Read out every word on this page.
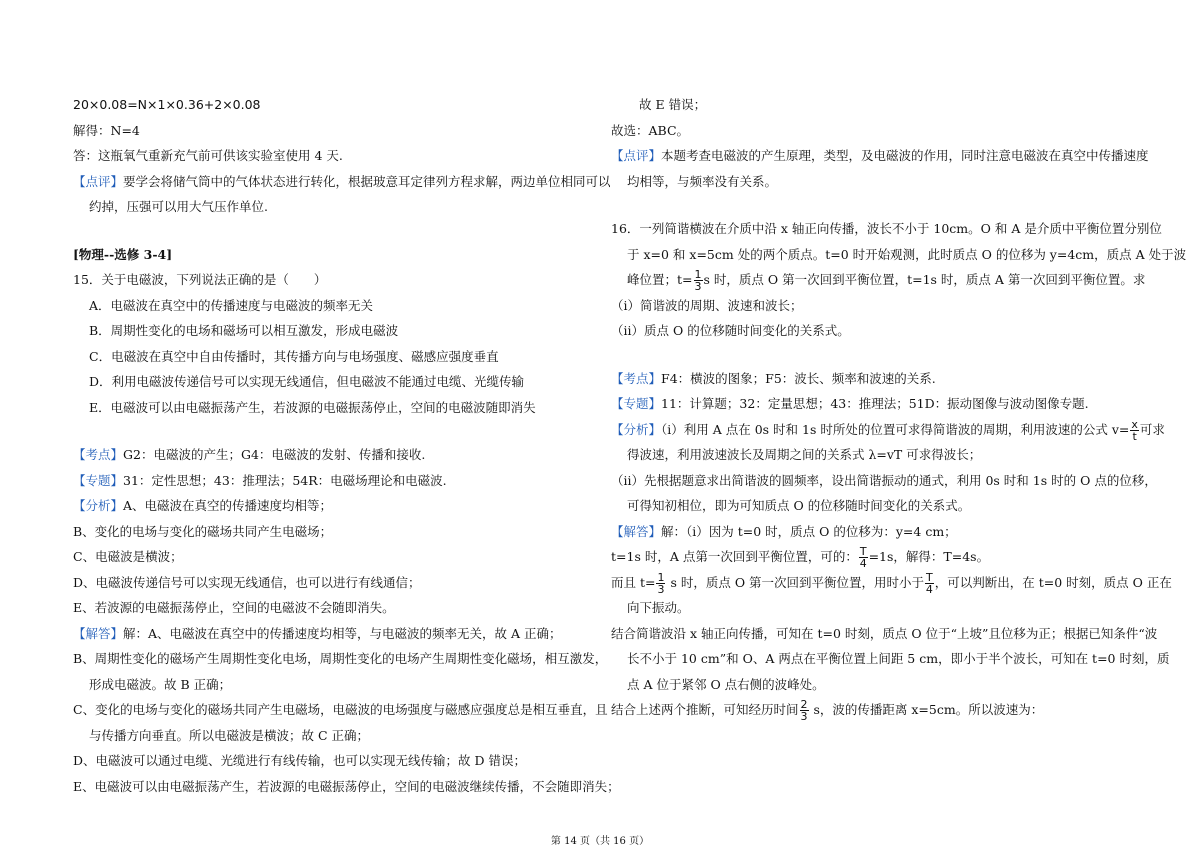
20×0.08=N×1×0.36+2×0.08

解得：N=4

答：这瓶氧气重新充气前可供该实验室使用 4 天.

【点评】要学会将储气筒中的气体状态进行转化，根据玻意耳定律列方程求解，两边单位相同可以

约掉，压强可以用大气压作单位.

[物理--选修 3-4]

15．关于电磁波，下列说法正确的是（　　）

A．电磁波在真空中的传播速度与电磁波的频率无关

B．周期性变化的电场和磁场可以相互激发，形成电磁波

C．电磁波在真空中自由传播时，其传播方向与电场强度、磁感应强度垂直

D．利用电磁波传递信号可以实现无线通信，但电磁波不能通过电缆、光缆传输

E．电磁波可以由电磁振荡产生，若波源的电磁振荡停止，空间的电磁波随即消失

【考点】G2：电磁波的产生；G4：电磁波的发射、传播和接收.

【专题】31：定性思想；43：推理法；54R：电磁场理论和电磁波.

【分析】A、电磁波在真空的传播速度均相等；

B、变化的电场与变化的磁场共同产生电磁场；

C、电磁波是横波；

D、电磁波传递信号可以实现无线通信，也可以进行有线通信；

E、若波源的电磁振荡停止，空间的电磁波不会随即消失。

【解答】解：A、电磁波在真空中的传播速度均相等，与电磁波的频率无关，故 A 正确；

B、周期性变化的磁场产生周期性变化电场，周期性变化的电场产生周期性变化磁场，相互激发，

形成电磁波。故 B 正确；

C、变化的电场与变化的磁场共同产生电磁场，电磁波的电场强度与磁感应强度总是相互垂直，且

与传播方向垂直。所以电磁波是横波；故 C 正确；

D、电磁波可以通过电缆、光缆进行有线传输，也可以实现无线传输；故 D 错误；

E、电磁波可以由电磁振荡产生，若波源的电磁振荡停止，空间的电磁波继续传播，不会随即消失；

故 E 错误；

故选：ABC。

【点评】本题考查电磁波的产生原理，类型，及电磁波的作用，同时注意电磁波在真空中传播速度

均相等，与频率没有关系。

16．一列简谐横波在介质中沿 x 轴正向传播，波长不小于 10cm。O 和 A 是介质中平衡位置分别位

于 x=0 和 x=5cm 处的两个质点。t=0 时开始观测，此时质点 O 的位移为 y=4cm，质点 A 处于波

峰位置；$t= \frac{1}{3}$ s 时，质点 O 第一次回到平衡位置，t=1s 时，质点 A 第一次回到平衡位置。求

（i）简谐波的周期、波速和波长；

（ii）质点 O 的位移随时间变化的关系式。

【考点】F4：横波的图象；F5：波长、频率和波速的关系.

【专题】11：计算题；32：定量思想；43：推理法；51D：振动图像与波动图像专题.

【分析】（i）利用 A 点在 0s 时和 1s 时所处的位置可求得简谐波的周期，利用波速的公式 $v= \frac{x}{t}$ 可求

得波速，利用波速波长及周期之间的关系式 λ=vT 可求得波长；

（ii）先根据题意求出简谐波的圆频率，设出简谐振动的通式，利用 0s 时和 1s 时的 O 点的位移，

可得知初相位，即为可知质点 O 的位移随时间变化的关系式。

【解答】解：（i）因为 t=0 时，质点 O 的位移为：y=4 cm；

t=1s 时，A 点第一次回到平衡位置，可的： $\frac{T}{4} =1s$，解得：T=4s。

而且 $t= \frac{1}{3}$ s 时，质点 O 第一次回到平衡位置，用时小于 $\frac{T}{4}$ ，可以判断出，在 t=0 时刻，质点 O 正在

向下振动。

结合简谐波沿 x 轴正向传播，可知在 t=0 时刻，质点 O 位于“上坡”且位移为正；根据已知条件“波

长不小于 10 cm”和 O、A 两点在平衡位置上间距 5 cm，即小于半个波长，可知在 t=0 时刻，质

点 A 位于紧邻 O 点右侧的波峰处。

结合上述两个推断，可知经历时间 $\frac{2}{3}$ s，波的传播距离 x=5cm。所以波速为：

第 14 页（共 16 页）
